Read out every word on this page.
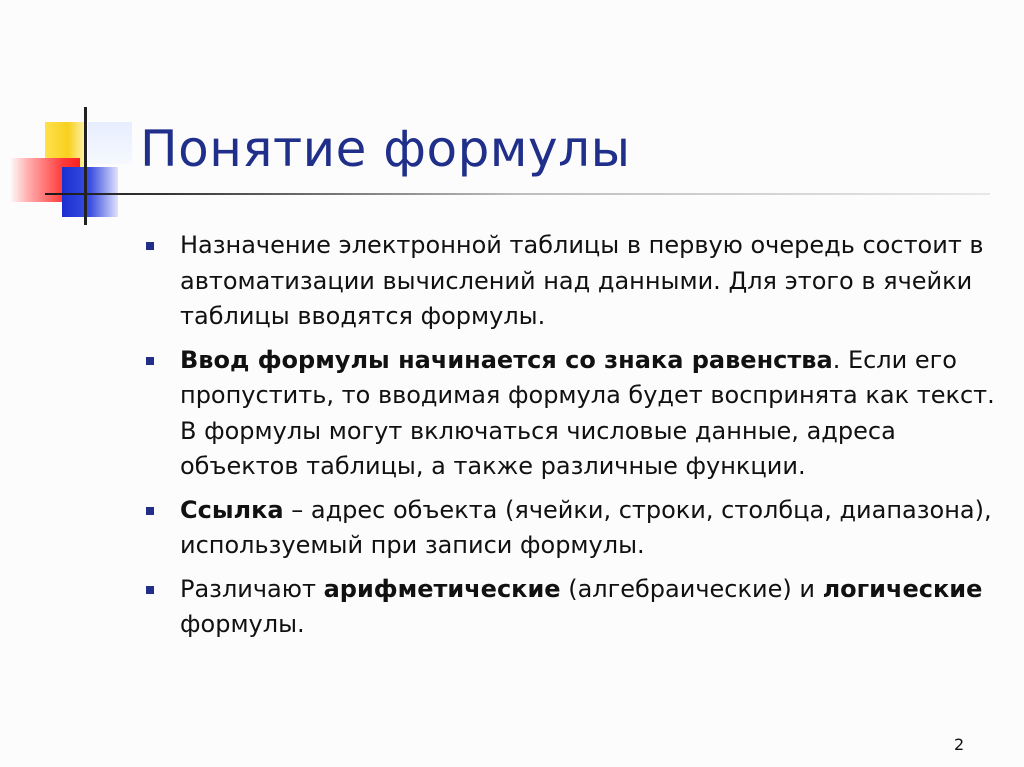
Понятие формулы
Назначение электронной таблицы в первую очередь состоит в автоматизации вычислений над данными. Для этого в ячейки таблицы вводятся формулы.
Ввод формулы начинается со знака равенства. Если его пропустить, то вводимая формула будет воспринята как текст. В формулы могут включаться числовые данные, адреса объектов таблицы, а также различные функции.
Ссылка – адрес объекта (ячейки, строки, столбца, диапазона), используемый при записи формулы.
Различают арифметические (алгебраические) и логические формулы.
2
